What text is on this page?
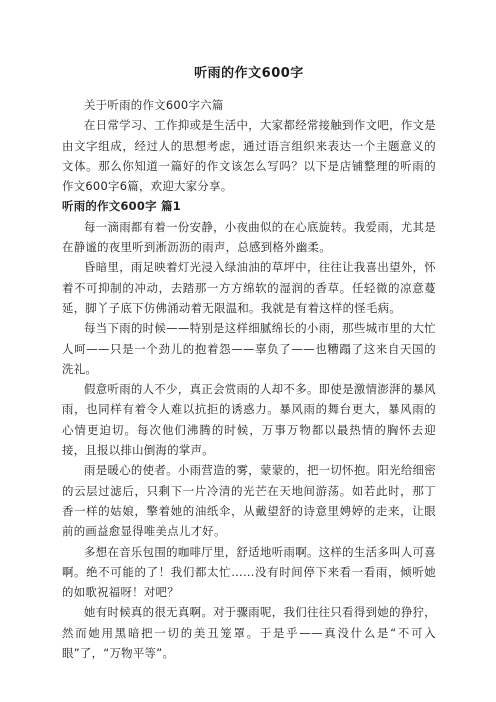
听雨的作文600字

关于听雨的作文600字六篇

在日常学习、工作抑或是生活中，大家都经常接触到作文吧，作文是由文字组成，经过人的思想考虑，通过语言组织来表达一个主题意义的文体。那么你知道一篇好的作文该怎么写吗？以下是店铺整理的听雨的作文600字6篇，欢迎大家分享。

听雨的作文600字 篇1

每一滴雨都有着一份安静，小夜曲似的在心底旋转。我爱雨，尤其是在静谧的夜里听到淅沥沥的雨声，总感到格外幽柔。

昏暗里，雨足映着灯光浸入绿油油的草坪中，往往让我喜出望外，怀着不可抑制的冲动，去踏那一方方绵软的湿润的香草。任轻微的凉意蔓延，脚丫子底下仿佛涌动着无限温和。我就是有着这样的怪毛病。

每当下雨的时候——特别是这样细腻绵长的小雨，那些城市里的大忙人呵——只是一个劲儿的抱着怨——辜负了——也糟蹋了这来自天国的洗礼。

假意听雨的人不少，真正会赏雨的人却不多。即使是激情澎湃的暴风雨，也同样有着令人难以抗拒的诱惑力。暴风雨的舞台更大，暴风雨的心情更迫切。每次他们沸腾的时候，万事万物都以最热情的胸怀去迎接，且报以排山倒海的掌声。

雨是暖心的使者。小雨营造的雾，蒙蒙的，把一切怀抱。阳光给细密的云层过滤后，只剩下一片冷清的光芒在天地间游荡。如若此时，那丁香一样的姑娘，擎着她的油纸伞，从戴望舒的诗意里娉婷的走来，让眼前的画益愈显得唯美点儿才好。

多想在音乐包围的咖啡厅里，舒适地听雨啊。这样的生活多叫人可喜啊。绝不可能的了！我们都太忙……没有时间停下来看一看雨，倾听她的如歌祝福呀！对吧？

她有时候真的很无真啊。对于骤雨呢，我们往往只看得到她的狰狞，然而她用黑暗把一切的美丑笼罩。于是乎——真没什么是“不可入眼”了，“万物平等”。
